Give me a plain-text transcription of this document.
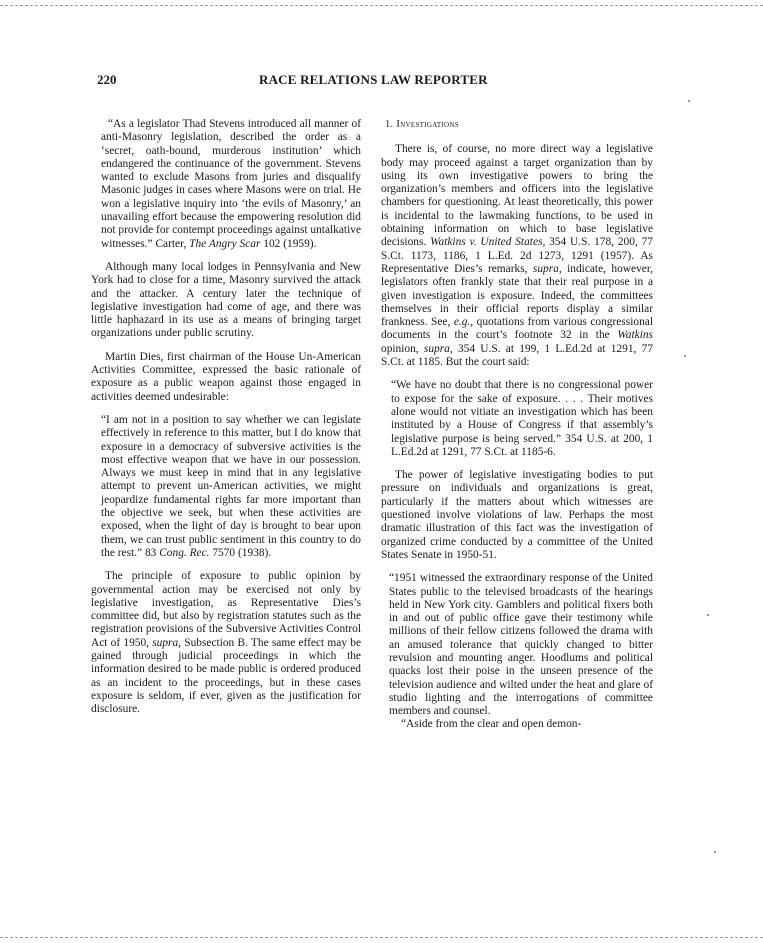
220	RACE RELATIONS LAW REPORTER

“As a legislator Thad Stevens introduced all manner of anti-Masonry legislation, described the order as a ‘secret, oath-bound, murderous institution’ which endangered the continuance of the government. Stevens wanted to exclude Masons from juries and disqualify Masonic judges in cases where Masons were on trial. He won a legislative inquiry into ‘the evils of Masonry,’ an unavailing effort because the empowering resolution did not provide for contempt proceedings against untalkative witnesses.” Carter, The Angry Scar 102 (1959).

Although many local lodges in Pennsylvania and New York had to close for a time, Masonry survived the attack and the attacker. A century later the technique of legislative investigation had come of age, and there was little haphazard in its use as a means of bringing target organizations under public scrutiny.

Martin Dies, first chairman of the House Un-American Activities Committee, expressed the basic rationale of exposure as a public weapon against those engaged in activities deemed undesirable:

“I am not in a position to say whether we can legislate effectively in reference to this matter, but I do know that exposure in a democracy of subversive activities is the most effective weapon that we have in our possession. Always we must keep in mind that in any legislative attempt to prevent un-American activities, we might jeopardize fundamental rights far more important than the objective we seek, but when these activities are exposed, when the light of day is brought to bear upon them, we can trust public sentiment in this country to do the rest.” 83 Cong. Rec. 7570 (1938).

The principle of exposure to public opinion by governmental action may be exercised not only by legislative investigation, as Representative Dies’s committee did, but also by registration statutes such as the registration provisions of the Subversive Activities Control Act of 1950, supra, Subsection B. The same effect may be gained through judicial proceedings in which the information desired to be made public is ordered produced as an incident to the proceedings, but in these cases exposure is seldom, if ever, given as the justification for disclosure.

1. Investigations

There is, of course, no more direct way a legislative body may proceed against a target organization than by using its own investigative powers to bring the organization’s members and officers into the legislative chambers for questioning. At least theoretically, this power is incidental to the lawmaking functions, to be used in obtaining information on which to base legislative decisions. Watkins v. United States, 354 U.S. 178, 200, 77 S.Ct. 1173, 1186, 1 L.Ed. 2d 1273, 1291 (1957). As Representative Dies’s remarks, supra, indicate, however, legislators often frankly state that their real purpose in a given investigation is exposure. Indeed, the committees themselves in their official reports display a similar frankness. See, e.g., quotations from various congressional documents in the court’s footnote 32 in the Watkins opinion, supra, 354 U.S. at 199, 1 L.Ed.2d at 1291, 77 S.Ct. at 1185. But the court said:

“We have no doubt that there is no congressional power to expose for the sake of exposure. . . . Their motives alone would not vitiate an investigation which has been instituted by a House of Congress if that assembly’s legislative purpose is being served.” 354 U.S. at 200, 1 L.Ed.2d at 1291, 77 S.Ct. at 1185-6.

The power of legislative investigating bodies to put pressure on individuals and organizations is great, particularly if the matters about which witnesses are questioned involve violations of law. Perhaps the most dramatic illustration of this fact was the investigation of organized crime conducted by a committee of the United States Senate in 1950-51.

“1951 witnessed the extraordinary response of the United States public to the televised broadcasts of the hearings held in New York city. Gamblers and political fixers both in and out of public office gave their testimony while millions of their fellow citizens followed the drama with an amused tolerance that quickly changed to bitter revulsion and mounting anger. Hoodlums and political quacks lost their poise in the unseen presence of the television audience and wilted under the heat and glare of studio lighting and the interrogations of committee members and counsel.

“Aside from the clear and open demon-
